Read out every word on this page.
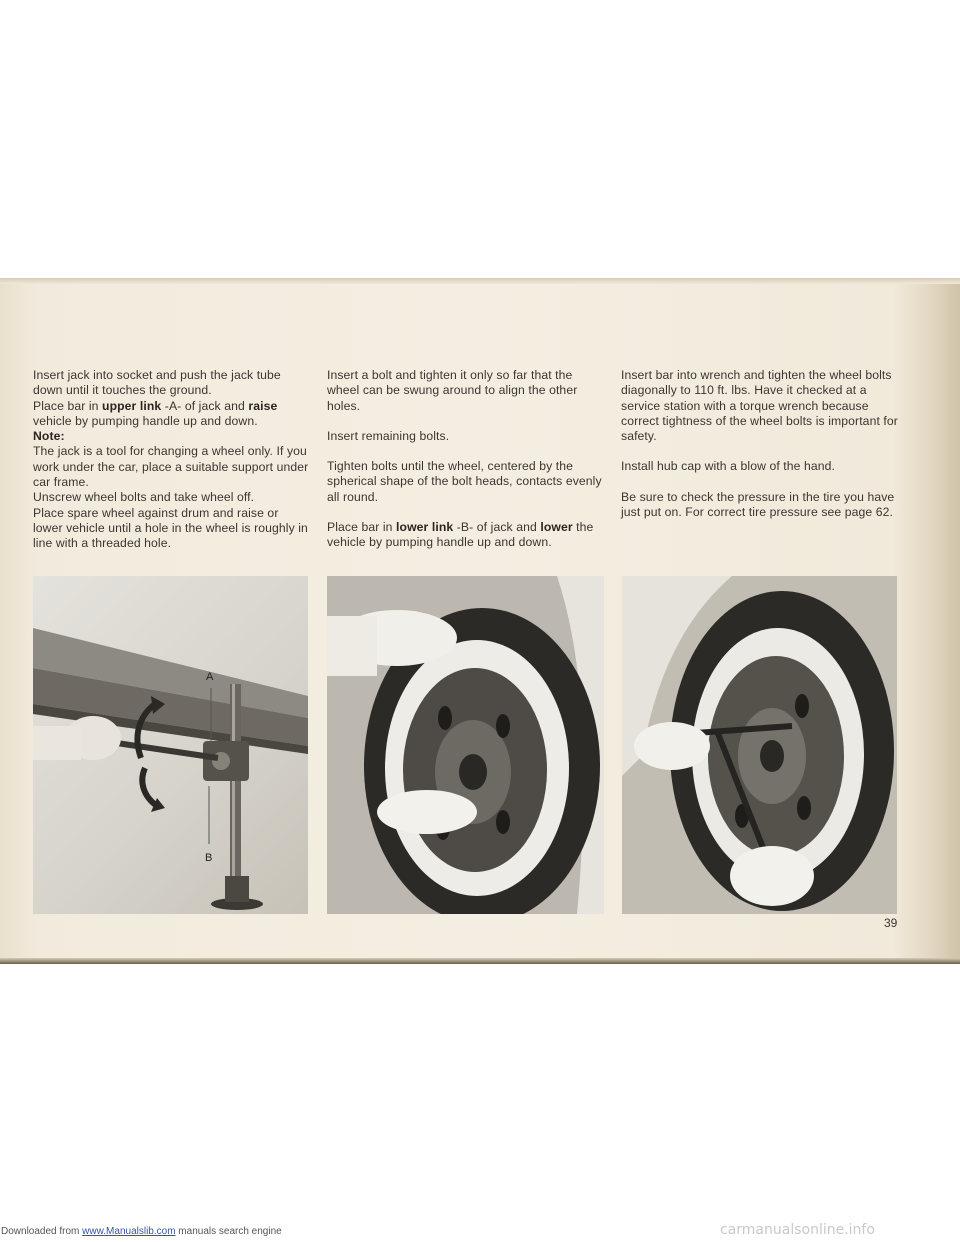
Insert jack into socket and push the jack tube down until it touches the ground.

Place bar in upper link -A- of jack and raise vehicle by pumping handle up and down.

Note:

The jack is a tool for changing a wheel only. If you work under the car, place a suitable support under car frame.

Unscrew wheel bolts and take wheel off.

Place spare wheel against drum and raise or lower vehicle until a hole in the wheel is roughly in line with a threaded hole.

Insert a bolt and tighten it only so far that the wheel can be swung around to align the other holes.

Insert remaining bolts.

Tighten bolts until the wheel, centered by the spherical shape of the bolt heads, contacts evenly all round.

Place bar in lower link -B- of jack and lower the vehicle by pumping handle up and down.

Insert bar into wrench and tighten the wheel bolts diagonally to 110 ft. lbs. Have it checked at a service station with a torque wrench because correct tightness of the wheel bolts is important for safety.

Install hub cap with a blow of the hand.

Be sure to check the pressure in the tire you have just put on. For correct tire pressure see page 62.

A
B
39
Downloaded from www.Manualslib.com manuals search engine	carmanualsonline.info
